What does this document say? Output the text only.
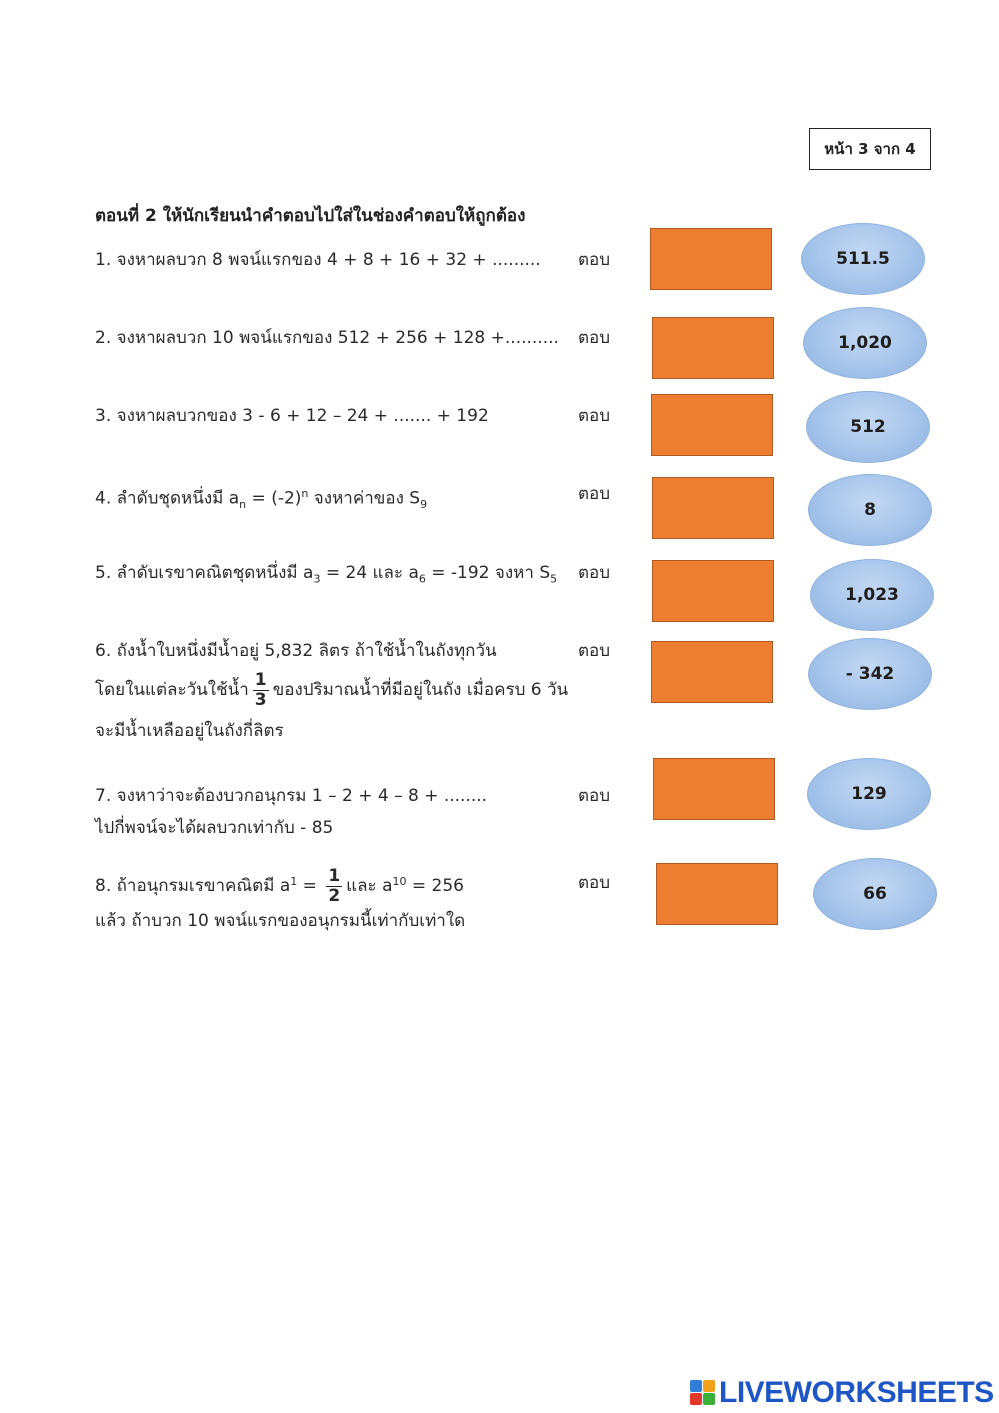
หน้า 3 จาก 4
ตอนที่ 2 ให้นักเรียนนำคำตอบไปใส่ในช่องคำตอบให้ถูกต้อง
1. จงหาผลบวก 8 พจน์แรกของ 4 + 8 + 16 + 32 + ......... ตอบ
2. จงหาผลบวก 10 พจน์แรกของ 512 + 256 + 128 +.......... ตอบ
3. จงหาผลบวกของ 3 - 6 + 12 – 24 + ....... + 192	ตอบ
4. ลำดับชุดหนึ่งมี $a_n = (-2)^n$ จงหาค่าของ $S_9$
ตอบ
5. ลำดับเรขาคณิตชุดหนึ่งมี $a_3 = 24$ และ $a_6 = -192$ จงหา $S_5$ ตอบ
6. ถังน้ำใบหนึ่งมีน้ำอยู่ 5,832 ลิตร ถ้าใช้น้ำในถังทุกวัน
โดยในแต่ละวันใช้น้ำ $\frac{1}{3}$ ของปริมาณน้ำที่มีอยู่ในถัง เมื่อครบ 6 วัน
จะมีน้ำเหลืออยู่ในถังกี่ลิตร
ตอบ
7. จงหาว่าจะต้องบวกอนุกรม 1 – 2 + 4 – 8 + ........
ไปกี่พจน์จะได้ผลบวกเท่ากับ - 85
ตอบ
8. ถ้าอนุกรมเรขาคณิตมี $a^1 = \frac{1}{2}$ และ $a^{10} = 256$
แล้ว ถ้าบวก 10 พจน์แรกของอนุกรมนี้เท่ากับเท่าใด
ตอบ
511.5
1,020
512
8
1,023
- 342
129
66
LIVEWORKSHEETS
